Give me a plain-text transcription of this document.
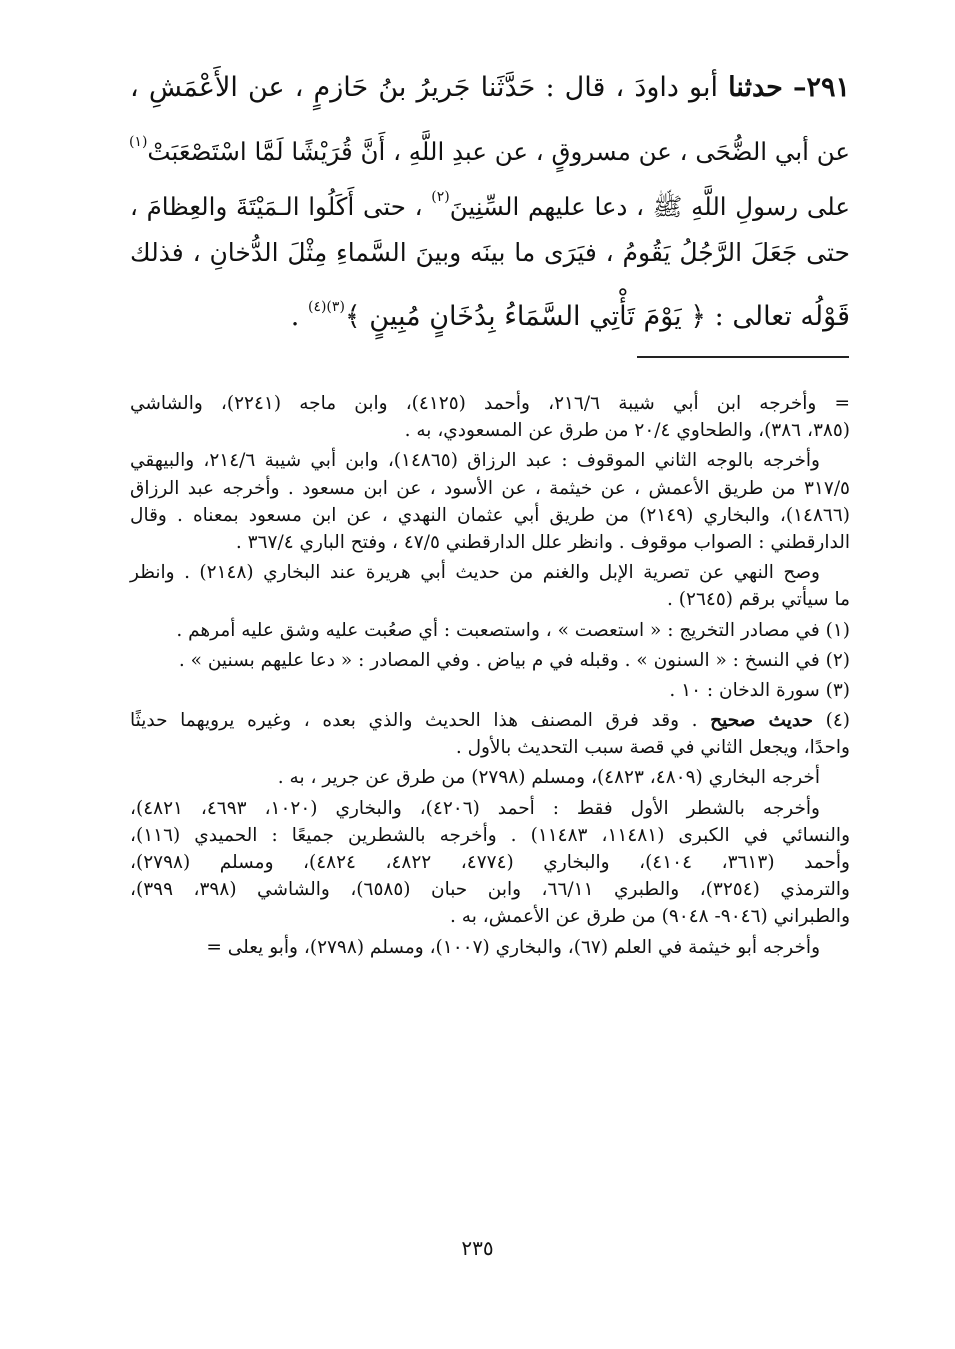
٢٩١– حدثنا أبو داودَ ، قال : حَدَّثَنا جَريرُ بنُ حَازمٍ ، عن الأَعْمَشِ ،
عن أبي الضُّحَى ، عن مسروقٍ ، عن عبدِ اللَّهِ ، أَنَّ قُرَيْشًا لَمَّا اسْتَصْعَبَتْ$^{(١)}$
على رسولِ اللَّهِ ﷺ ، دعا عليهم السِّنِينَ$^{(٢)}$ ، حتى أَكَلُوا الـمَيْتَةَ والعِظامَ ،
حتى جَعَلَ الرَّجُلُ يَقُومُ ، فيَرَى ما بينَه وبينَ السَّماءِ مِثْلَ الدُّخانِ ، فذلك
قَوْلُه تعالى : ﴿ يَوْمَ تَأْتِي السَّمَاءُ بِدُخَانٍ مُبِينٍ ﴾$^{(٣)(٤)}$ .
= وأخرجه ابن أبي شيبة ٢١٦/٦، وأحمد (٤١٢٥)، وابن ماجه (٢٢٤١)، والشاشي
(٣٨٥، ٣٨٦)، والطحاوي ٢٠/٤ من طرق عن المسعودي، به .
وأخرجه بالوجه الثاني الموقوف : عبد الرزاق (١٤٨٦٥)، وابن أبي شيبة ٢١٤/٦، والبيهقي
٣١٧/٥ من طريق الأعمش ، عن خيثمة ، عن الأسود ، عن ابن مسعود . وأخرجه عبد الرزاق
(١٤٨٦٦)، والبخاري (٢١٤٩) من طريق أبي عثمان النهدي ، عن ابن مسعود بمعناه . وقال
الدارقطني : الصواب موقوف . وانظر علل الدارقطني ٤٧/٥ ، وفتح الباري ٣٦٧/٤ .
وصح النهي عن تصرية الإبل والغنم من حديث أبي هريرة عند البخاري (٢١٤٨) . وانظر
ما سيأتي برقم (٢٦٤٥) .
(١) في مصادر التخريج : « استعصت » ، واستصعبت : أي صعُبت عليه وشق عليه أمرهم .
(٢) في النسخ : « السنون » . وقبله في م بياض . وفي المصادر : « دعا عليهم بسنين » .
(٣) سورة الدخان : ١٠ .
(٤) حديث صحيح . وقد فرق المصنف هذا الحديث والذي بعده ، وغيره يرويهما حديثًا
واحدًا، ويجعل الثاني في قصة سبب التحديث بالأول .
أخرجه البخاري (٤٨٠٩، ٤٨٢٣)، ومسلم (٢٧٩٨) من طرق عن جرير ، به .
وأخرجه بالشطر الأول فقط : أحمد (٤٢٠٦)، والبخاري (١٠٢٠، ٤٦٩٣، ٤٨٢١)،
والنسائي في الكبرى (١١٤٨١، ١١٤٨٣) . وأخرجه بالشطرين جميعًا : الحميدي (١١٦)،
وأحمد (٣٦١٣، ٤١٠٤)، والبخاري (٤٧٧٤، ٤٨٢٢، ٤٨٢٤)، ومسلم (٢٧٩٨)،
والترمذي (٣٢٥٤)، والطبري ٦٦/١١، وابن حبان (٦٥٨٥)، والشاشي (٣٩٨، ٣٩٩)،
والطبراني (٩٠٤٦- ٩٠٤٨) من طرق عن الأعمش، به .
وأخرجه أبو خيثمة في العلم (٦٧)، والبخاري (١٠٠٧)، ومسلم (٢٧٩٨)، وأبو يعلى =
٢٣٥
